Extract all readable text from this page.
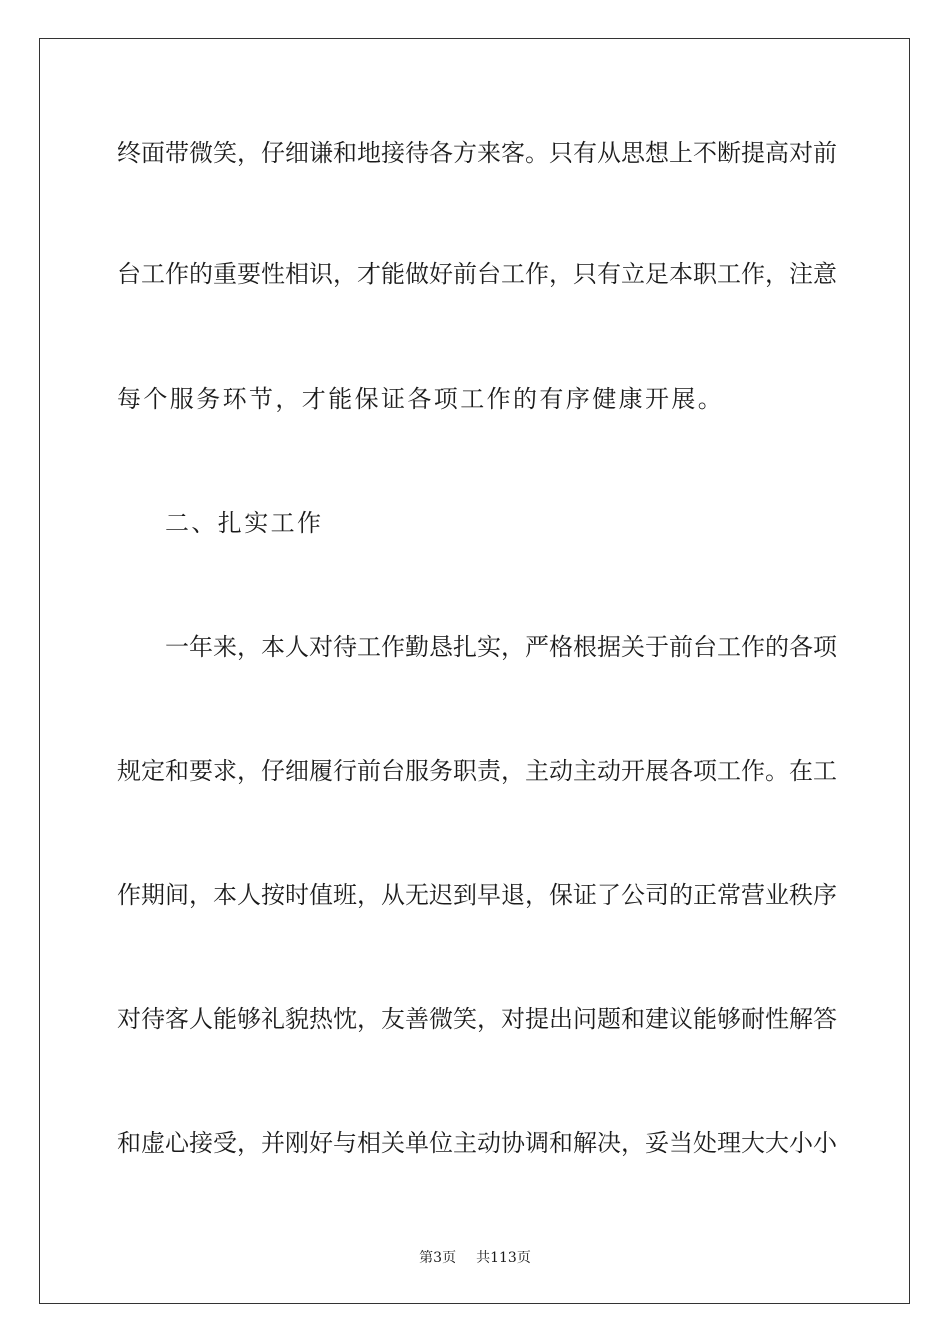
终面带微笑，仔细谦和地接待各方来客。只有从思想上不断提高对前
台工作的重要性相识，才能做好前台工作，只有立足本职工作，注意
每个服务环节，才能保证各项工作的有序健康开展。
二、扎实工作
一年来，本人对待工作勤恳扎实，严格根据关于前台工作的各项
规定和要求，仔细履行前台服务职责，主动主动开展各项工作。在工
作期间，本人按时值班，从无迟到早退，保证了公司的正常营业秩序
对待客人能够礼貌热忱，友善微笑，对提出问题和建议能够耐性解答
和虚心接受，并刚好与相关单位主动协调和解决，妥当处理大大小小
第3页 共113页
